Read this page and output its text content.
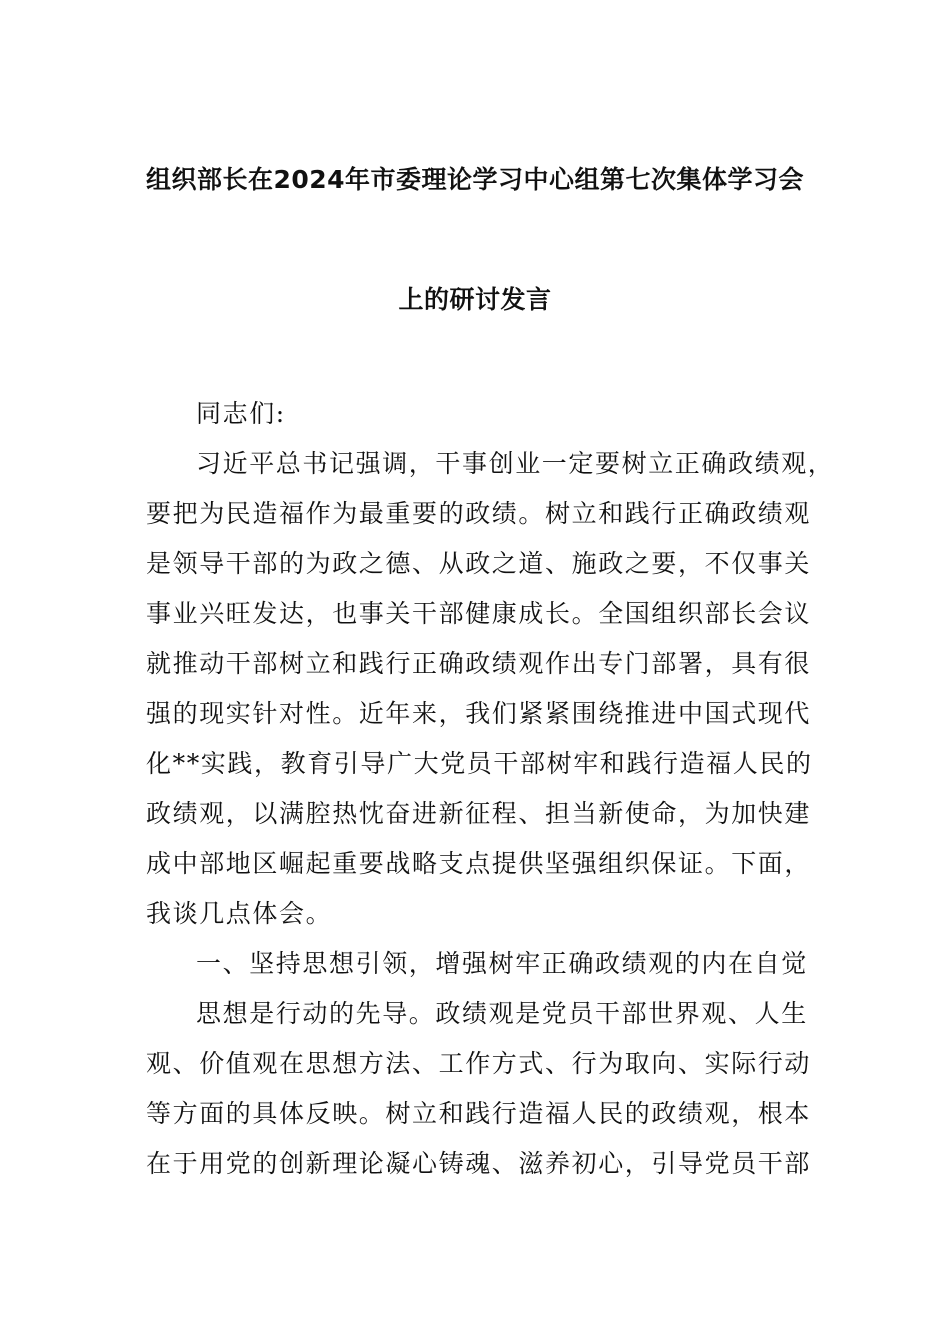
组织部长在2024年市委理论学习中心组第七次集体学习会
上的研讨发言
同志们:
习近平总书记强调，干事创业一定要树立正确政绩观，
要把为民造福作为最重要的政绩。树立和践行正确政绩观
是领导干部的为政之德、从政之道、施政之要，不仅事关
事业兴旺发达，也事关干部健康成长。全国组织部长会议
就推动干部树立和践行正确政绩观作出专门部署，具有很
强的现实针对性。近年来，我们紧紧围绕推进中国式现代
化**实践，教育引导广大党员干部树牢和践行造福人民的
政绩观，以满腔热忱奋进新征程、担当新使命，为加快建
成中部地区崛起重要战略支点提供坚强组织保证。下面，
我谈几点体会。
一、坚持思想引领，增强树牢正确政绩观的内在自觉
思想是行动的先导。政绩观是党员干部世界观、人生
观、价值观在思想方法、工作方式、行为取向、实际行动
等方面的具体反映。树立和践行造福人民的政绩观，根本
在于用党的创新理论凝心铸魂、滋养初心，引导党员干部
